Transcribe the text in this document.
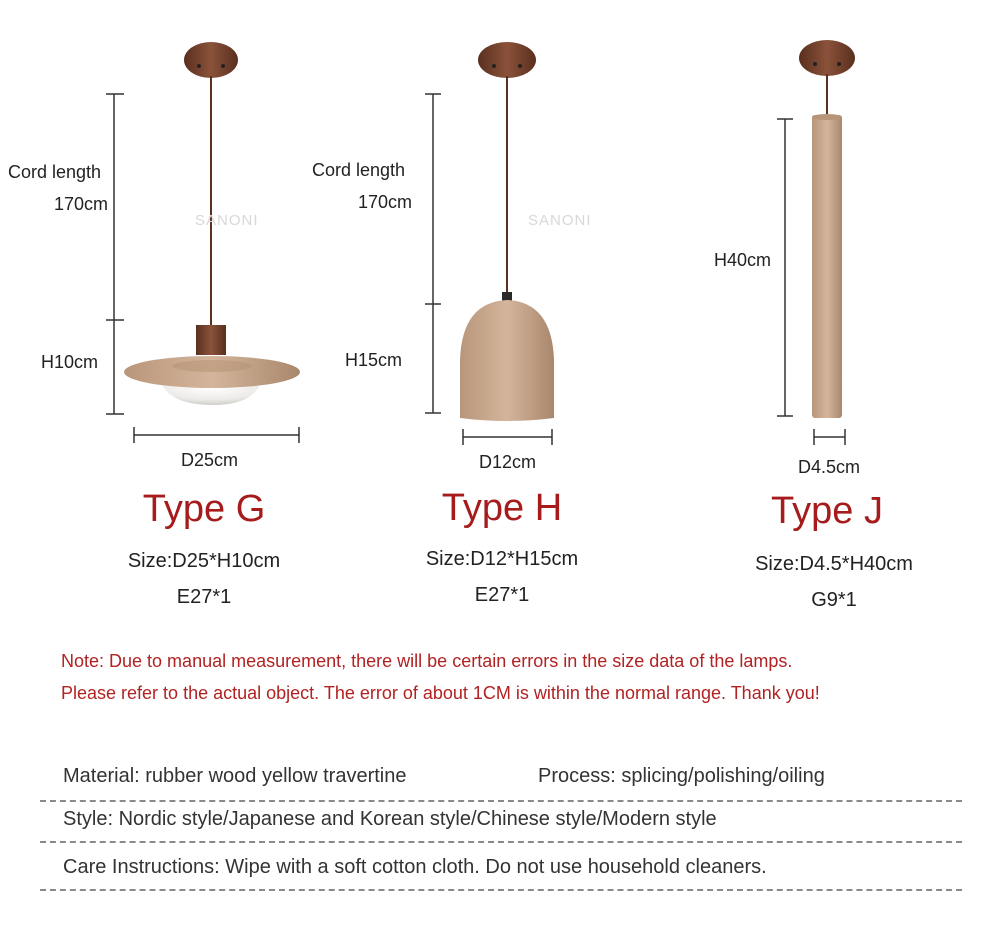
SANONI	SANONI
Cord length
170cm
H10cm
D25cm
Type G
Size:D25*H10cm
E27*1
Cord length
170cm
H15cm
D12cm
Type H
Size:D12*H15cm
E27*1
H40cm
D4.5cm
Type J
Size:D4.5*H40cm
G9*1
Note: Due to manual measurement, there will be certain errors in the size data of the lamps.
Please refer to the actual object. The error of about 1CM is within the normal range. Thank you!
Material: rubber wood yellow travertine	Process: splicing/polishing/oiling
Style: Nordic style/Japanese and Korean style/Chinese style/Modern style
Care Instructions: Wipe with a soft cotton cloth. Do not use household cleaners.
